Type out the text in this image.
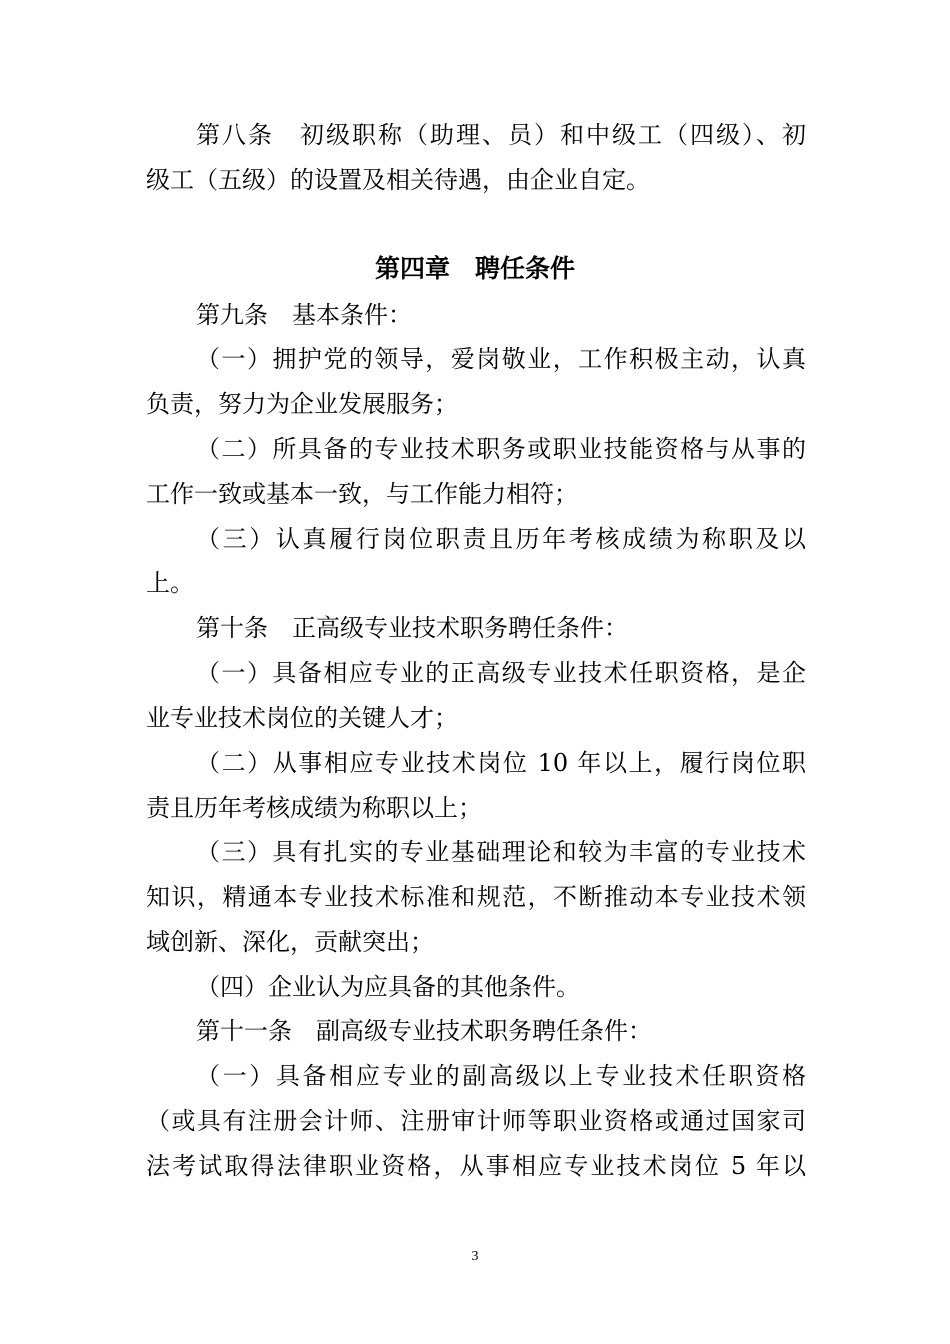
第八条　初级职称（助理、员）和中级工（四级）、初
级工（五级）的设置及相关待遇，由企业自定。
第四章　聘任条件
第九条　基本条件：
（一）拥护党的领导，爱岗敬业，工作积极主动，认真
负责，努力为企业发展服务；
（二）所具备的专业技术职务或职业技能资格与从事的
工作一致或基本一致，与工作能力相符；
（三）认真履行岗位职责且历年考核成绩为称职及以
上。
第十条　正高级专业技术职务聘任条件：
（一）具备相应专业的正高级专业技术任职资格，是企
业专业技术岗位的关键人才；
（二）从事相应专业技术岗位 10 年以上，履行岗位职
责且历年考核成绩为称职以上；
（三）具有扎实的专业基础理论和较为丰富的专业技术
知识，精通本专业技术标准和规范，不断推动本专业技术领
域创新、深化，贡献突出；
（四）企业认为应具备的其他条件。
第十一条　副高级专业技术职务聘任条件：
（一）具备相应专业的副高级以上专业技术任职资格
（或具有注册会计师、注册审计师等职业资格或通过国家司
法考试取得法律职业资格，从事相应专业技术岗位 5 年以
3
